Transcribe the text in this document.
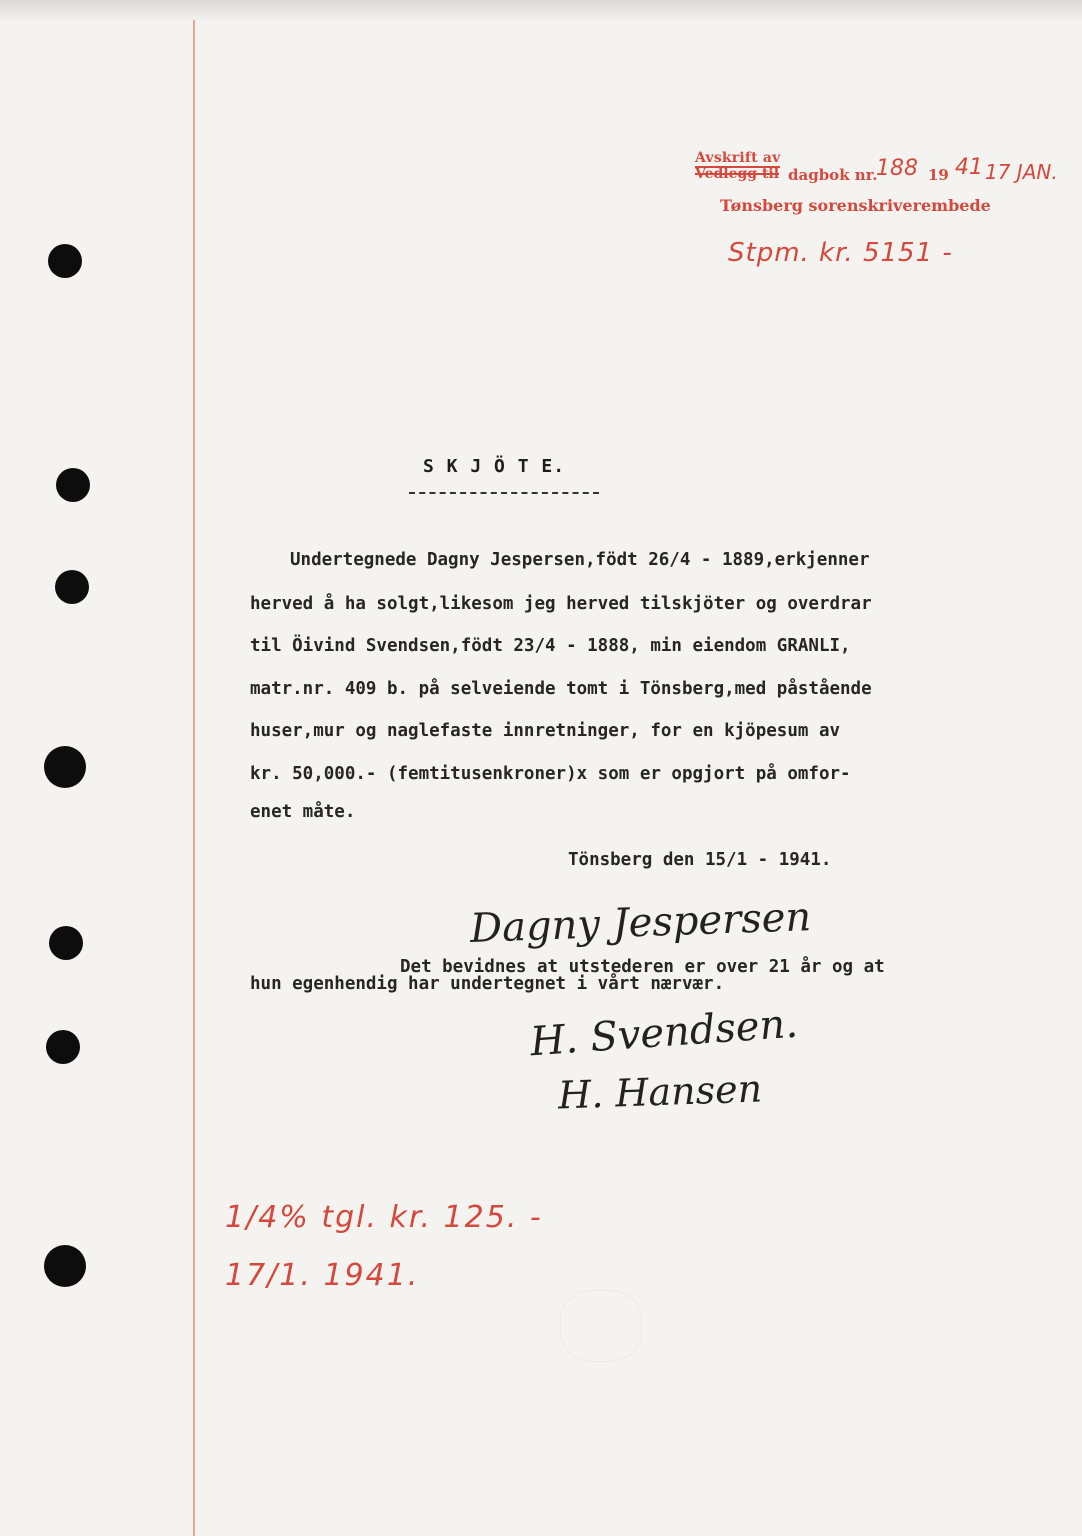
Avskrift av
Vedlegg til dagbok nr.
188 19 41 17 JAN.
Tønsberg sorenskriverembede
Stpm. kr. 5151 -
S K J Ö T E.
Undertegnede Dagny Jespersen,födt 26/4 - 1889,erkjenner
herved å ha solgt,likesom jeg herved tilskjöter og overdrar
til Öivind Svendsen,födt 23/4 - 1888, min eiendom GRANLI,
matr.nr. 409 b. på selveiende tomt i Tönsberg,med påstående
huser,mur og naglefaste innretninger, for en kjöpesum av
kr. 50,000.- (femtitusenkroner)x som er opgjort på omfor-
enet måte.
Tönsberg den 15/1 - 1941.
Dagny Jespersen
Det bevidnes at utstederen er over 21 år og at
hun egenhendig har undertegnet i vårt nærvær.
H. Svendsen.
H. Hansen
1/4% tgl. kr. 125. -
17/1. 1941.
